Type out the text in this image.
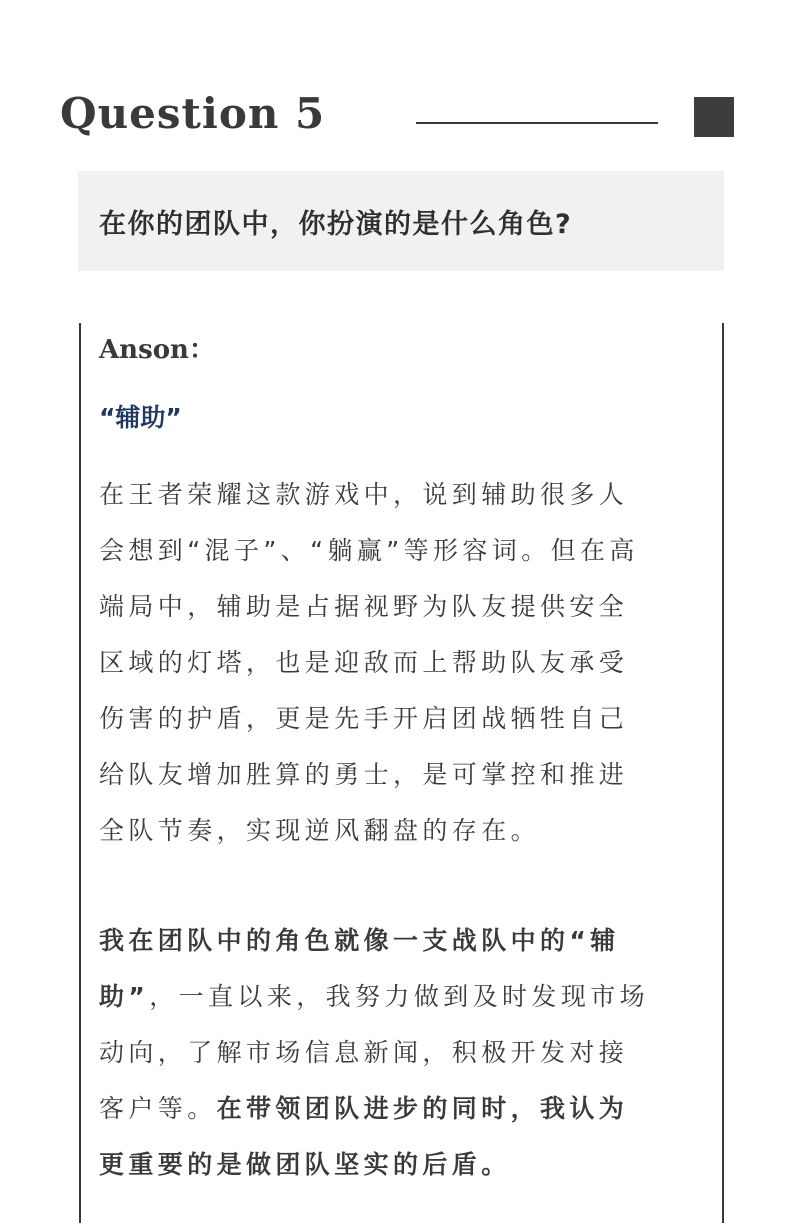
Question 5
在你的团队中，你扮演的是什么角色?
Anson：
“辅助”
在王者荣耀这款游戏中，说到辅助很多人
会想到“混子”、“躺赢”等形容词。但在高
端局中，辅助是占据视野为队友提供安全
区域的灯塔，也是迎敌而上帮助队友承受
伤害的护盾，更是先手开启团战牺牲自己
给队友增加胜算的勇士，是可掌控和推进
全队节奏，实现逆风翻盘的存在。
我在团队中的角色就像一支战队中的“辅
助”，一直以来，我努力做到及时发现市场
动向，了解市场信息新闻，积极开发对接
客户等。在带领团队进步的同时，我认为
更重要的是做团队坚实的后盾。
